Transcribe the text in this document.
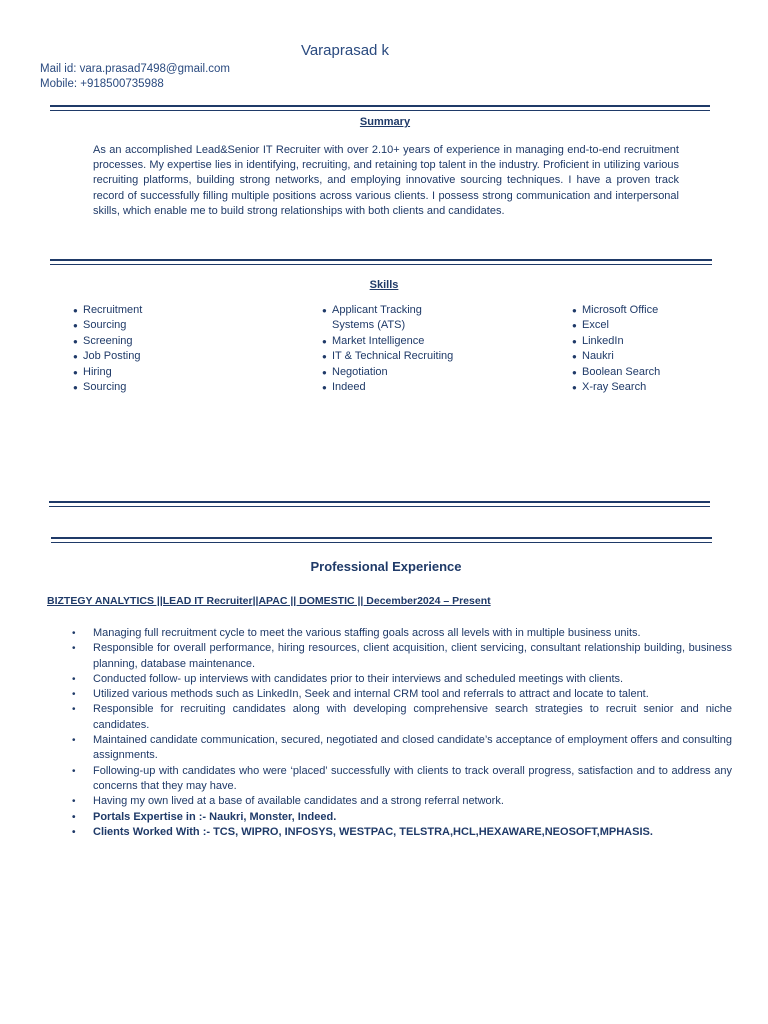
Varaprasad k
Mail id: vara.prasad7498@gmail.com
Mobile: +918500735988
Summary
As an accomplished Lead&Senior IT Recruiter with over 2.10+ years of experience in managing end-to-end recruitment processes. My expertise lies in identifying, recruiting, and retaining top talent in the industry. Proficient in utilizing various recruiting platforms, building strong networks, and employing innovative sourcing techniques. I have a proven track record of successfully filling multiple positions across various clients. I possess strong communication and interpersonal skills, which enable me to build strong relationships with both clients and candidates.
Skills
● Recruitment
● Sourcing
● Screening
● Job Posting
● Hiring
● Sourcing
● Applicant Tracking Systems (ATS)
● Market Intelligence
● IT & Technical Recruiting
● Negotiation
● Indeed
● Microsoft Office
● Excel
● LinkedIn
● Naukri
● Boolean Search
● X-ray Search
Professional Experience
BIZTEGY ANALYTICS ||LEAD IT Recruiter||APAC || DOMESTIC || December2024 – Present
• Managing full recruitment cycle to meet the various staffing goals across all levels with in multiple business units.
• Responsible for overall performance, hiring resources, client acquisition, client servicing, consultant relationship building, business planning, database maintenance.
• Conducted follow- up interviews with candidates prior to their interviews and scheduled meetings with clients.
• Utilized various methods such as LinkedIn, Seek and internal CRM tool and referrals to attract and locate to talent.
• Responsible for recruiting candidates along with developing comprehensive search strategies to recruit senior and niche candidates.
• Maintained candidate communication, secured, negotiated and closed candidate’s acceptance of employment offers and consulting assignments.
• Following-up with candidates who were ‘placed’ successfully with clients to track overall progress, satisfaction and to address any concerns that they may have.
• Having my own lived at a base of available candidates and a strong referral network.
• Portals Expertise in :- Naukri, Monster, Indeed.
• Clients Worked With :- TCS, WIPRO, INFOSYS, WESTPAC, TELSTRA,HCL,HEXAWARE,NEOSOFT,MPHASIS.
